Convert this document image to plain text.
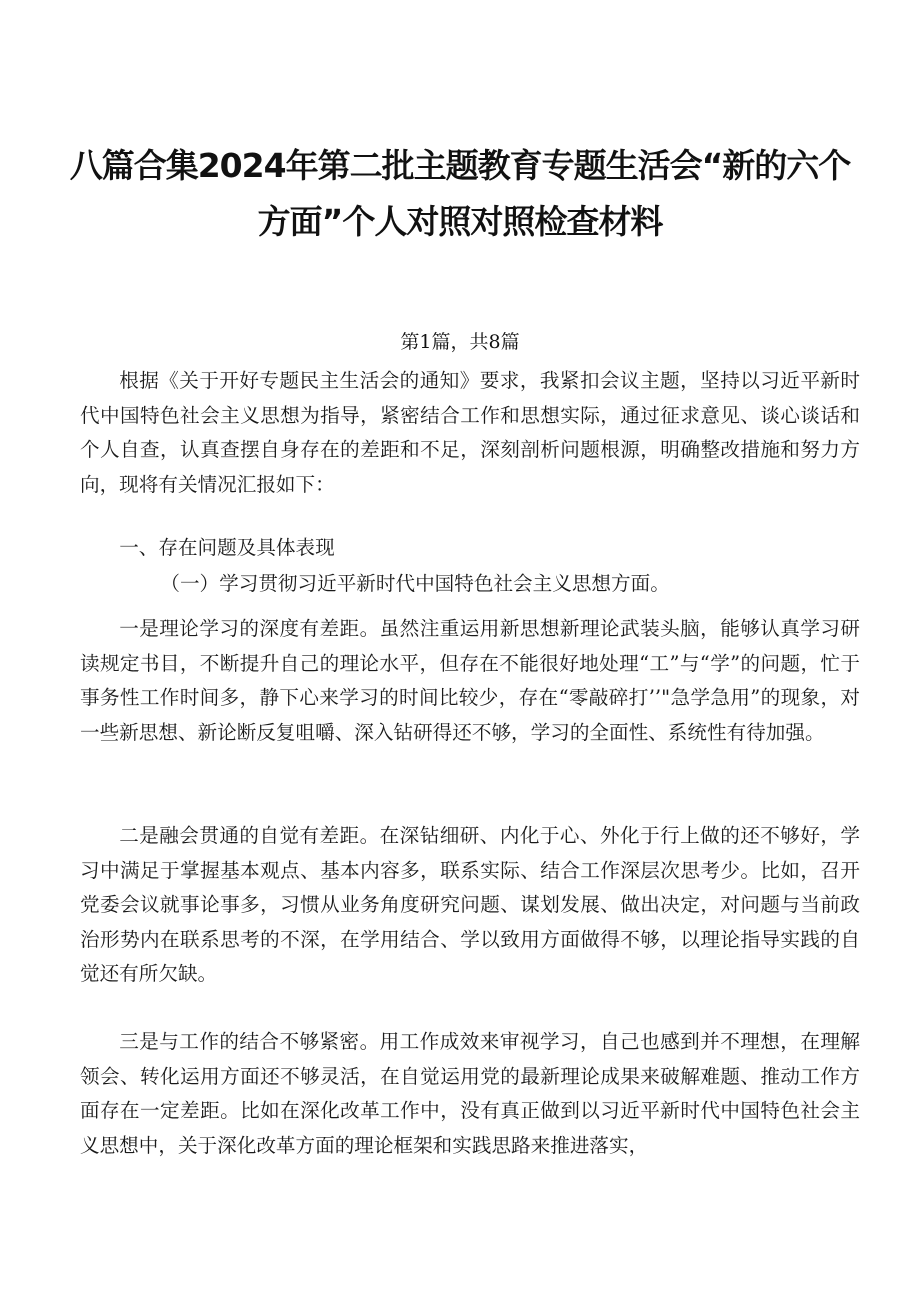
八篇合集2024年第二批主题教育专题生活会“新的六个
方面”个人对照对照检查材料
第1篇，共8篇

根据《关于开好专题民主生活会的通知》要求，我紧扣会议主题，坚持以习近平新时代中国特色社会主义思想为指导，紧密结合工作和思想实际，通过征求意见、谈心谈话和个人自查，认真查摆自身存在的差距和不足，深刻剖析问题根源，明确整改措施和努力方向，现将有关情况汇报如下：

一、存在问题及具体表现

（一）学习贯彻习近平新时代中国特色社会主义思想方面。

一是理论学习的深度有差距。虽然注重运用新思想新理论武装头脑，能够认真学习研读规定书目，不断提升自己的理论水平，但存在不能很好地处理“工”与“学”的问题，忙于事务性工作时间多，静下心来学习的时间比较少，存在“零敲碎打’’"急学急用”的现象，对一些新思想、新论断反复咀嚼、深入钻研得还不够，学习的全面性、系统性有待加强。

二是融会贯通的自觉有差距。在深钻细研、内化于心、外化于行上做的还不够好，学习中满足于掌握基本观点、基本内容多，联系实际、结合工作深层次思考少。比如，召开党委会议就事论事多，习惯从业务角度研究问题、谋划发展、做出决定，对问题与当前政治形势内在联系思考的不深，在学用结合、学以致用方面做得不够，以理论指导实践的自觉还有所欠缺。

三是与工作的结合不够紧密。用工作成效来审视学习，自己也感到并不理想，在理解领会、转化运用方面还不够灵活，在自觉运用党的最新理论成果来破解难题、推动工作方面存在一定差距。比如在深化改革工作中，没有真正做到以习近平新时代中国特色社会主义思想中，关于深化改革方面的理论框架和实践思路来推进落实，
